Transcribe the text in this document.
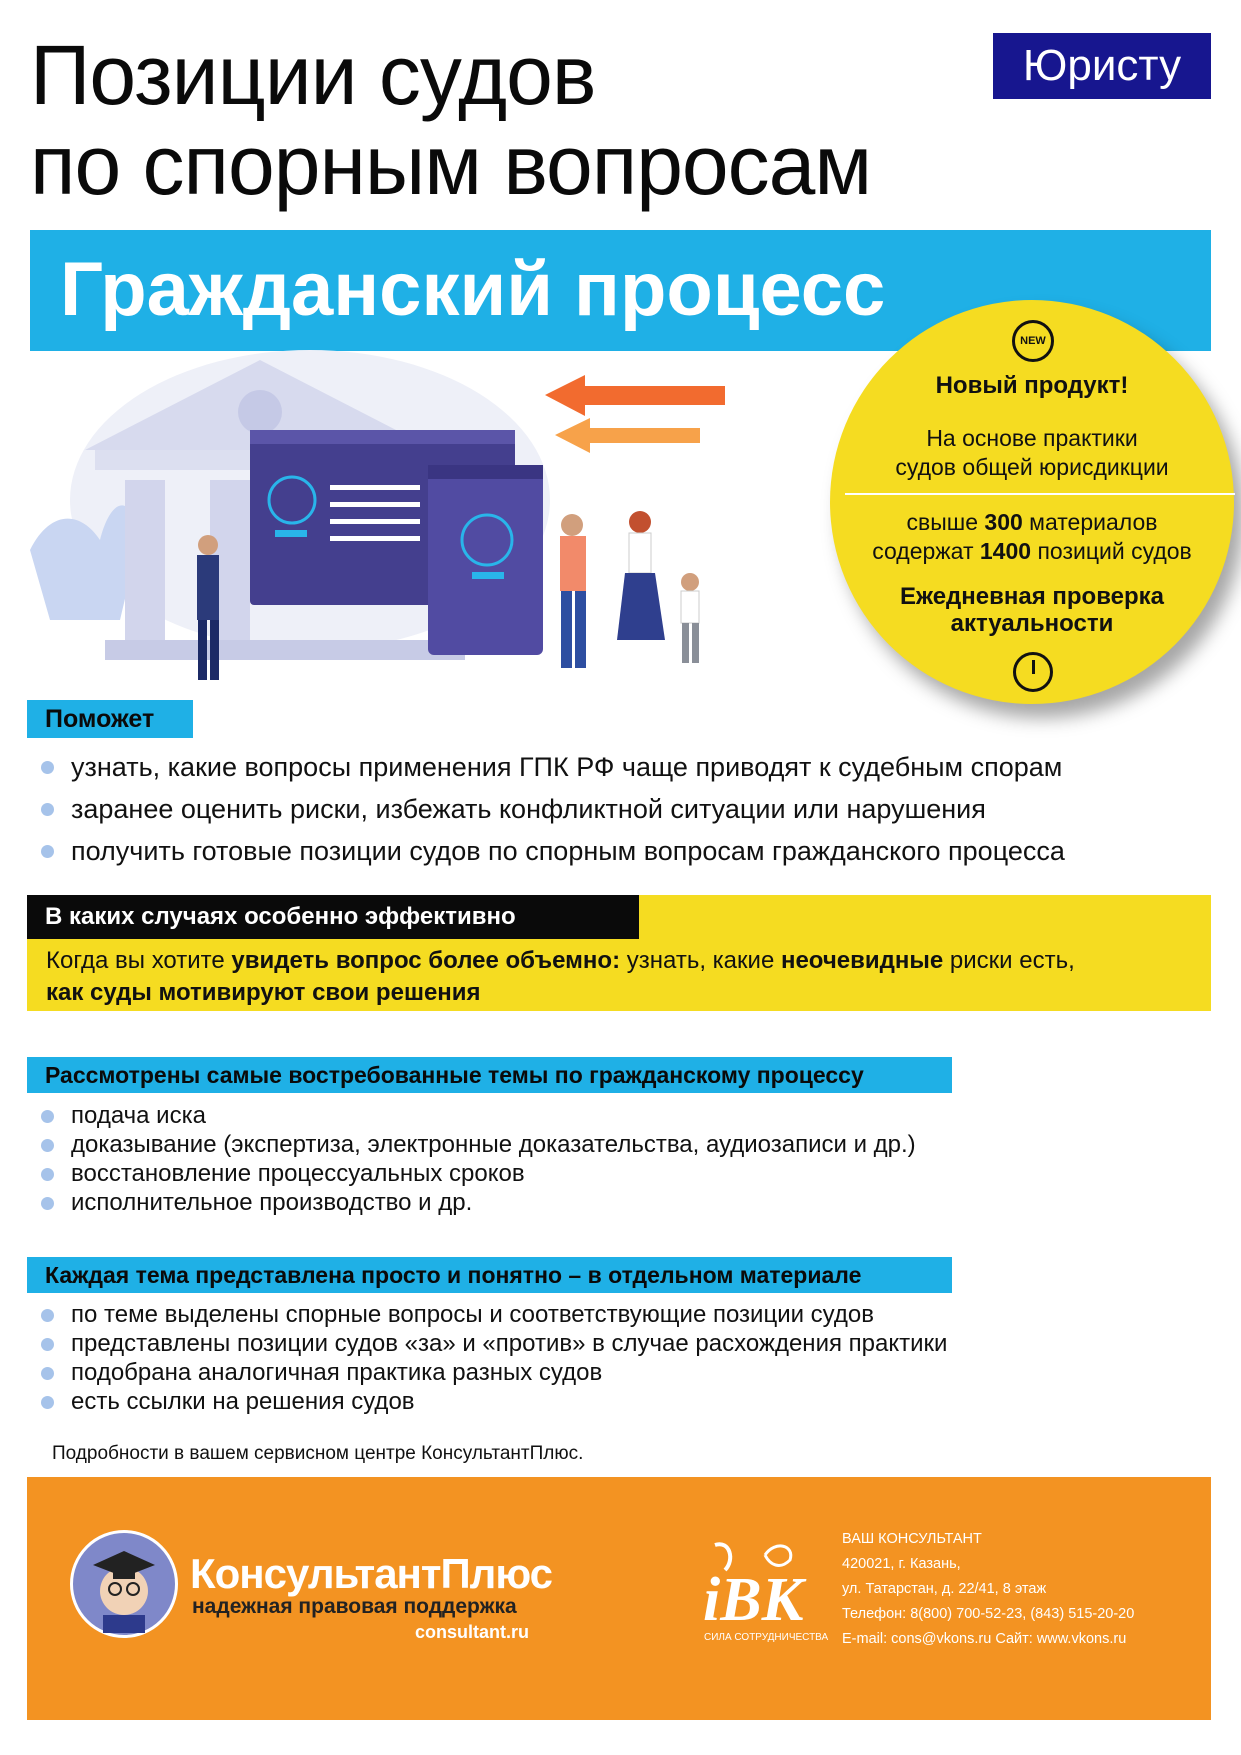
Позиции судов
по спорным вопросам
Юристу
Гражданский процесс
Новый продукт!
На основе практики
судов общей юрисдикции
свыше 300 материалов
содержат 1400 позиций судов
Ежедневная проверка
актуальности
NEW
Поможет
узнать, какие вопросы применения ГПК РФ чаще приводят к судебным спорам
заранее оценить риски, избежать конфликтной ситуации или нарушения
получить готовые позиции судов по спорным вопросам гражданского процесса
В каких случаях особенно эффективно
Когда вы хотите увидеть вопрос более объемно: узнать, какие неочевидные риски есть,
как суды мотивируют свои решения
Рассмотрены самые востребованные темы по гражданскому процессу
подача иска
доказывание (экспертиза, электронные доказательства, аудиозаписи и др.)
восстановление процессуальных сроков
исполнительное производство и др.
Каждая тема представлена просто и понятно – в отдельном материале
по теме выделены спорные вопросы и соответствующие позиции судов
представлены позиции судов «за» и «против» в случае расхождения практики
подобрана аналогичная практика разных судов
есть ссылки на решения судов
Подробности в вашем сервисном центре КонсультантПлюс.
КонсультантПлюс
надежная правовая поддержка
consultant.ru	iВК
СИЛА СОТРУДНИЧЕСТВА
ВАШ КОНСУЛЬТАНТ
420021, г. Казань,
ул. Татарстан, д. 22/41, 8 этаж
Телефон: 8(800) 700-52-23, (843) 515-20-20
E-mail: cons@vkons.ru Сайт: www.vkons.ru
